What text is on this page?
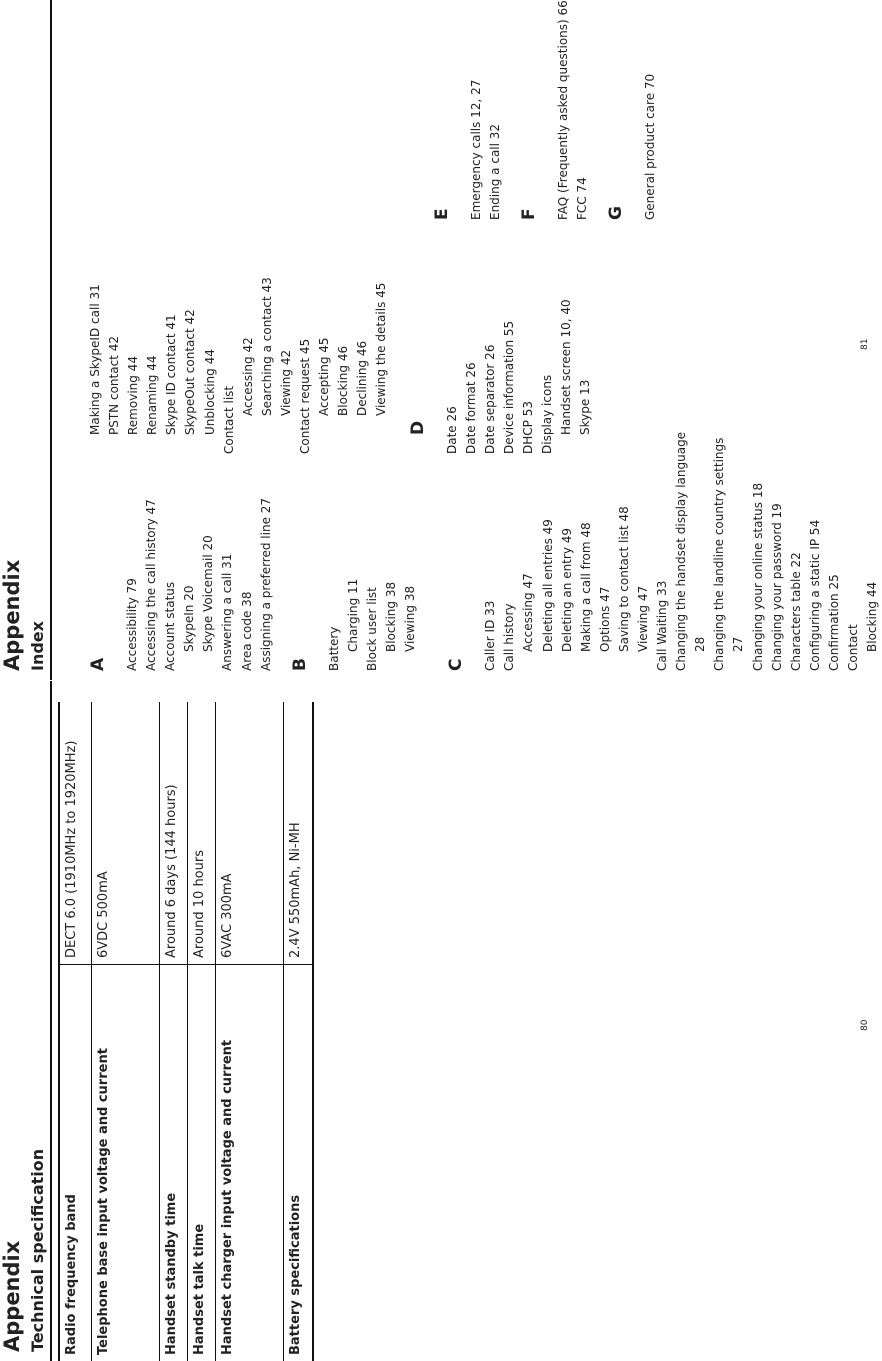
Appendix Technical specification Radio frequency band	DECT 6.0 (1910MHz to 1920MHz)
Telephone base input voltage and current	6VDC 500mA
Handset standby time	Around 6 days (144 hours)
Handset talk time	Around 10 hours
Handset charger input voltage and current	6VAC 300mA
Battery specifications	2.4V 550mAh, Ni-MH

80

Appendix Index A Accessibility 79 Accessing the call history 47 Account status SkypeIn 20 Skype Voicemail 20 Answering a call 31 Area code 38 Assigning a preferred line 27 B Battery Charging 11 Block user list Blocking 38 Viewing 38
C Caller ID 33 Call history Accessing 47 Deleting all entries 49 Deleting an entry 49 Making a call from 48 Options 47 Saving to contact list 48 Viewing 47 Call Waiting 33 Changing the handset display language 28 Changing the landline country settings 27 Changing your online status 18 Changing your password 19 Characters table 22 Configuring a static IP 54 Confirmation 25 Contact Blocking 44
Making a SkypeID call 31 PSTN contact 42 Removing 44 Renaming 44 Skype ID contact 41 SkypeOut contact 42 Unblocking 44 Contact list
Accessing 42 Searching a contact 43 Viewing 42 Contact request 45 Accepting 45 Blocking 46 Declining 46 Viewing the details 45
D Date 26 Date format 26 Date separator 26 Device information 55 DHCP 53 Display icons Handset screen 10, 40 Skype 13
E Emergency calls 12, 27 Ending a call 32 F FAQ (Frequently asked questions) 66 FCC 74 G General product care 70

81
